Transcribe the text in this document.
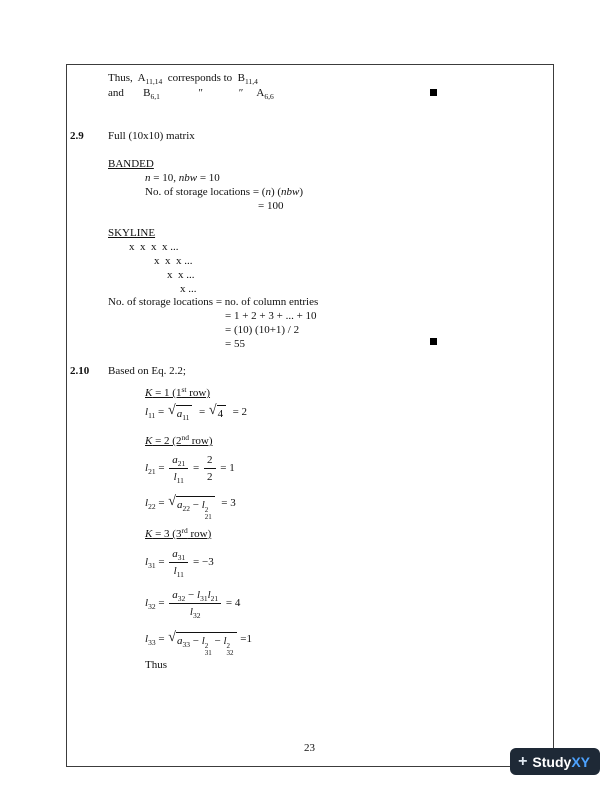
Thus,  $A_{11,14}$  corresponds to  $B_{11,4}$
and       $B_{6,1}$              ″             ″     $A_{6,6}$
2.9 Full (10x10) matrix
BANDED
n = 10, nbw = 10
No. of storage locations = (n) (nbw)
= 100
SKYLINE
x  x  x  x ...
x  x  x ...
x  x ...
x ...
No. of storage locations = no. of column entries
= 1 + 2 + 3 + ... + 10
= (10) (10+1) / 2
= 55
2.10 Based on Eq. 2.2;
K = 1 (1st row)
$l_{11}$ = √ $a_{11}$ = √ 4 = 2
K = 2 (2nd row)
$l_{21} = \frac{a_{21}}{l_{11}} = \frac{2}{2} = 1$
$l_{22}$ = √ $a_{22} - l$ 2
21
= 3
K = 3 (3rd row)
$l_{31} = \frac{a_{31}}{l_{11}} = -3$
$l_{32} = \frac{a_{32} - l_{31}l_{21}}{l_{32}} = 4$
$l_{33}$ = √ $a_{33} - l$ 2
31
− l 2
32
=1
Thus
23
+ Study XY
